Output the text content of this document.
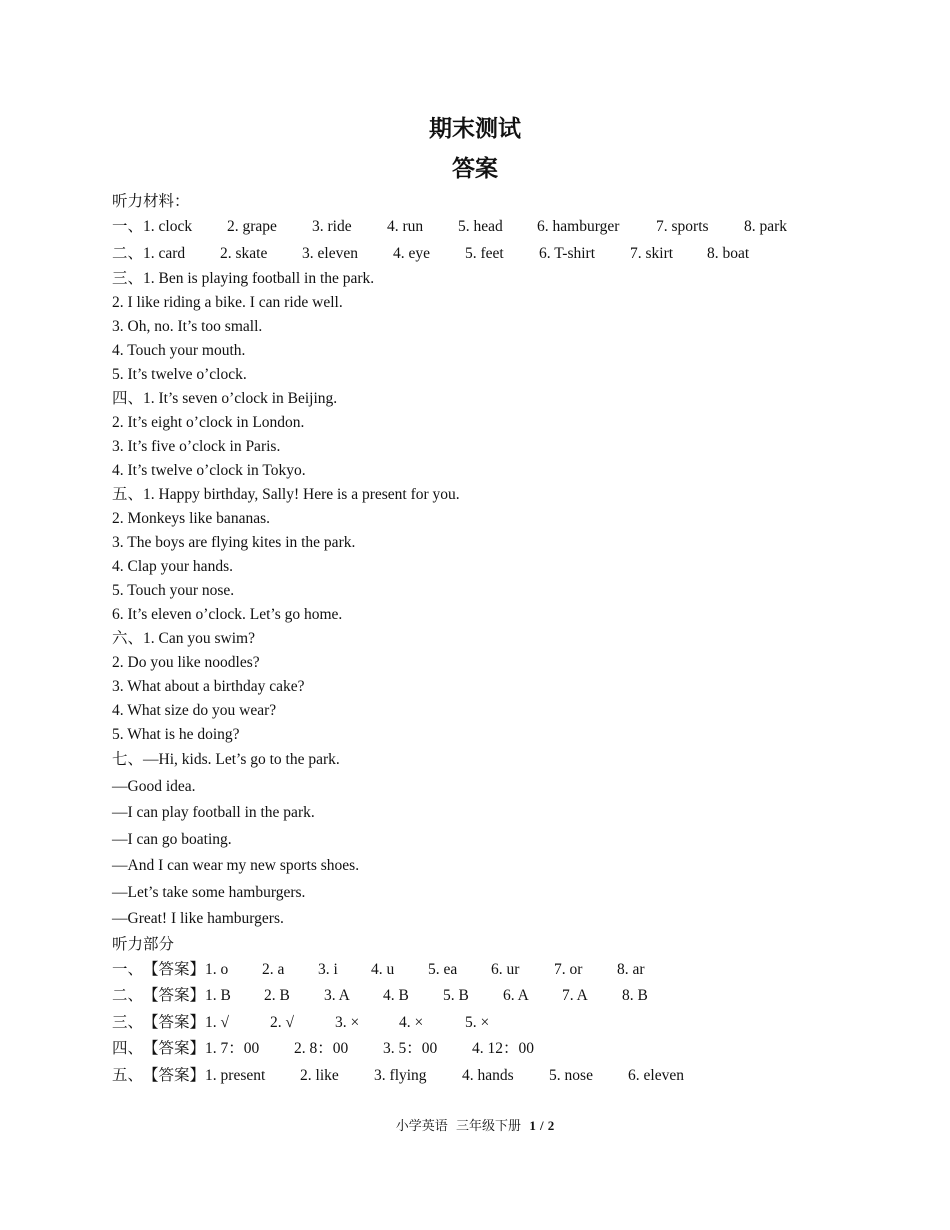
期末测试
答案
听力材料：
一、1. clock 2. grape 3. ride 4. run 5. head 6. hamburger 7. sports 8. park
二、1. card 2. skate 3. eleven 4. eye 5. feet 6. T-shirt 7. skirt 8. boat
三、1. Ben is playing football in the park.
2. I like riding a bike. I can ride well.
3. Oh, no. It’s too small.
4. Touch your mouth.
5. It’s twelve o’clock.
四、1. It’s seven o’clock in Beijing.
2. It’s eight o’clock in London.
3. It’s five o’clock in Paris.
4. It’s twelve o’clock in Tokyo.
五、1. Happy birthday, Sally! Here is a present for you.
2. Monkeys like bananas.
3. The boys are flying kites in the park.
4. Clap your hands.
5. Touch your nose.
6. It’s eleven o’clock. Let’s go home.
六、1. Can you swim?
2. Do you like noodles?
3. What about a birthday cake?
4. What size do you wear?
5. What is he doing?
七、—Hi, kids. Let’s go to the park.
—Good idea.
—I can play football in the park.
—I can go boating.
—And I can wear my new sports shoes.
—Let’s take some hamburgers.
—Great! I like hamburgers.
听力部分
一、【答案】1. o 2. a 3. i 4. u 5. ea 6. ur 7. or 8. ar
二、【答案】1. B 2. B 3. A 4. B 5. B 6. A 7. A 8. B
三、【答案】1. √	2. √	3. ×	4. ×	5. ×
四、【答案】1. 7：00 2. 8：00 3. 5：00 4. 12：00
五、【答案】1. present 2. like 3. flying 4. hands 5. nose 6. eleven
小学英语 三年级下册 1 / 2
